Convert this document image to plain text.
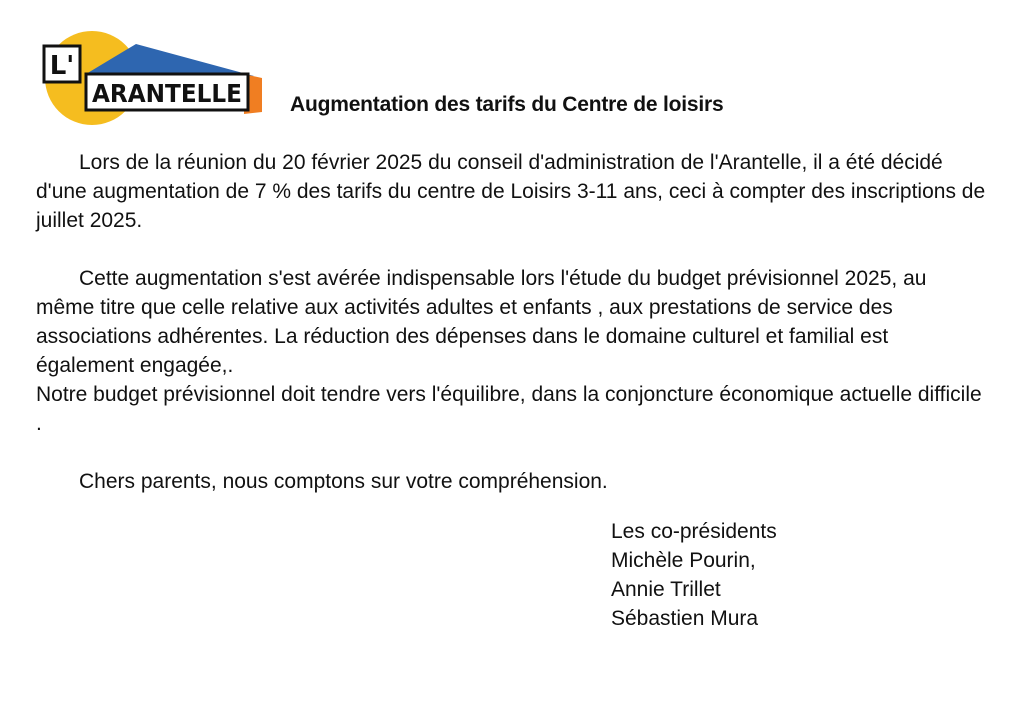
L'
ARANTELLE Augmentation des tarifs du Centre de loisirs

Lors de la réunion du 20 février 2025 du conseil d'administration de l'Arantelle, il a été décidé d'une augmentation de 7 % des tarifs du centre de Loisirs 3-11 ans, ceci à compter des inscriptions de juillet 2025.

Cette augmentation s'est avérée indispensable lors l'étude du budget prévisionnel 2025, au même titre que celle relative aux activités adultes et enfants , aux prestations de service des associations adhérentes. La réduction des dépenses dans le domaine culturel et familial est également engagée,.

Notre budget prévisionnel doit tendre vers l'équilibre, dans la conjoncture économique actuelle difficile .

Chers parents, nous comptons sur votre compréhension.

Les co-présidents
Michèle Pourin,
Annie Trillet
Sébastien Mura
